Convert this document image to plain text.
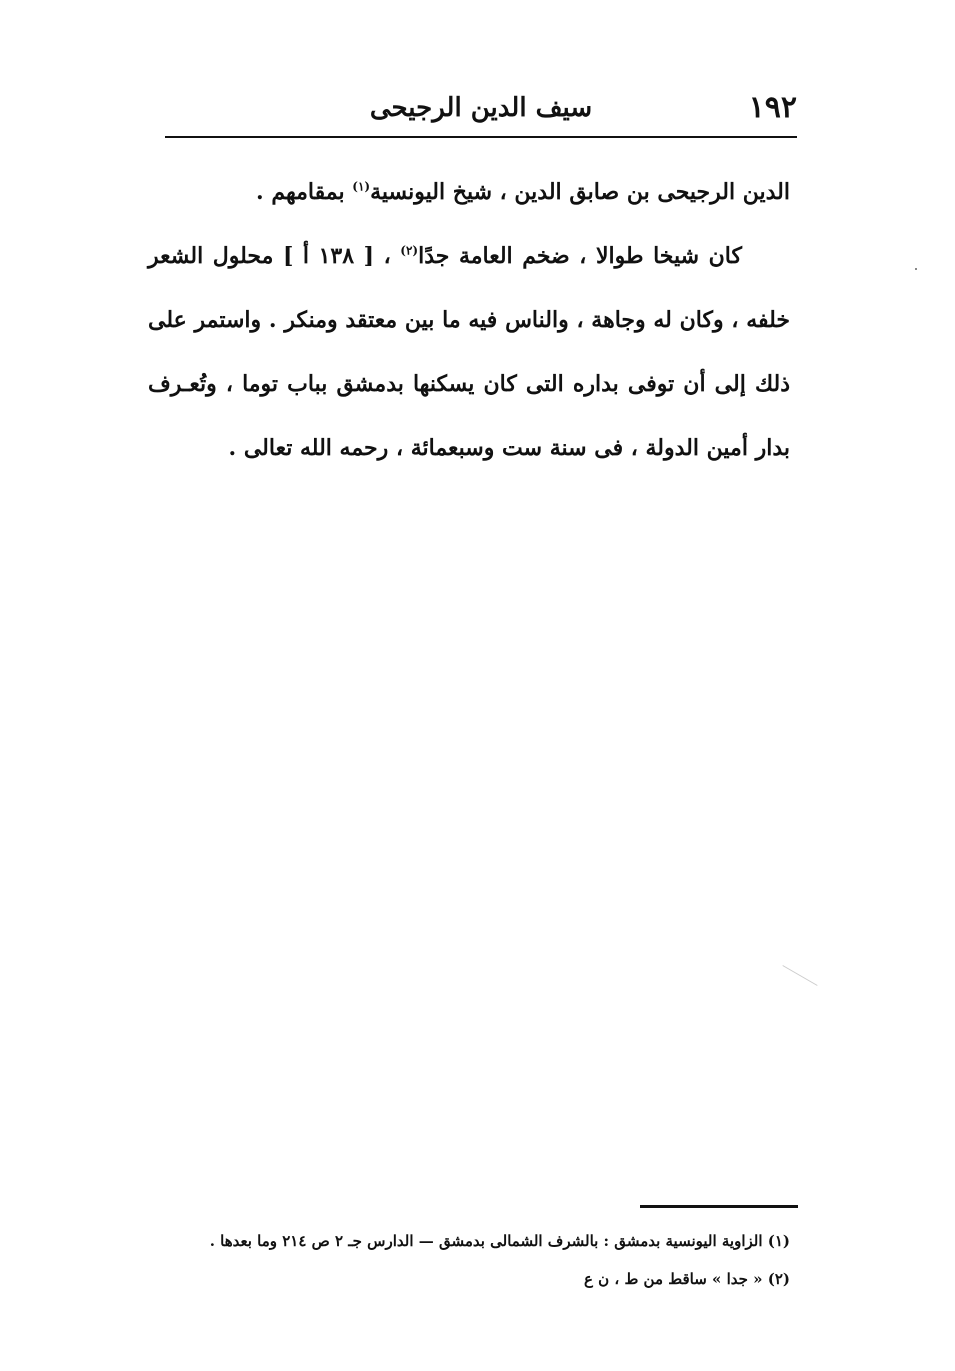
١٩٢
سيف الدين الرجيحى

الدين الرجيحى بن صابق الدين ، شيخ اليونسية$^{(١)}$ بمقامهم .

كان شيخا طوالا ، ضخم العامة جدًا$^{(٢)}$ ، [ ١٣٨ أ ] محلول الشعر خلفه ، وكان له وجاهة ، والناس فيه ما بين معتقد ومنكر . واستمر على ذلك إلى أن توفى بداره التى كان يسكنها بدمشق بباب توما ، وتُعـرف بدار أمين الدولة ، فى سنة ست وسبعمائة ، رحمه الله تعالى .

(١) الزاوية اليونسية بدمشق : بالشرف الشمالى بدمشق — الدارس جـ ٢ ص ٢١٤ وما بعدها .

(٢) « جدا » ساقط من ط ، ن ع
